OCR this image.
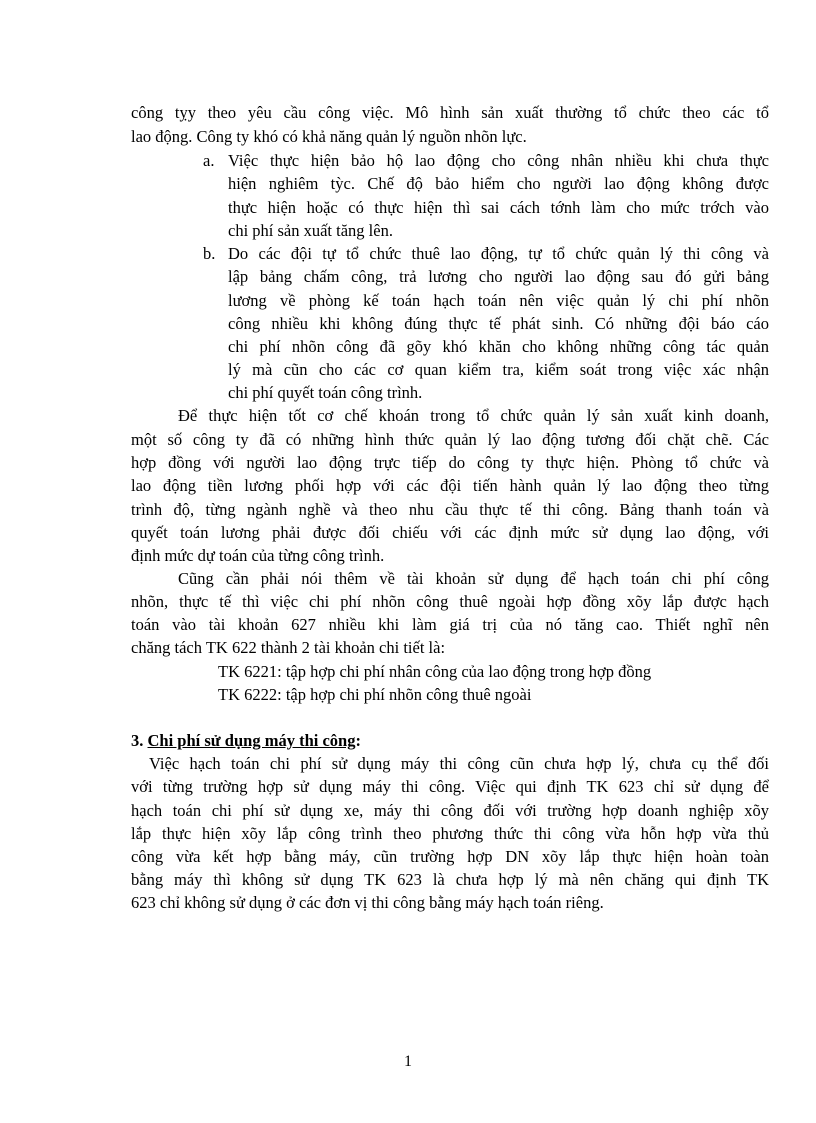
công tỵy theo yêu cầu công việc. Mô hình sản xuất thường tổ chức theo các tổ
lao động. Công ty khó có khả năng quản lý nguồn nhõn lực.
a. Việc thực hiện bảo hộ lao động cho công nhân nhiều khi chưa thực
hiện nghiêm tỳc. Chế độ bảo hiểm cho người lao động không được
thực hiện hoặc có thực hiện thì sai cách tớnh làm cho mức trớch vào
chi phí sản xuất tăng lên.
b. Do các đội tự tổ chức thuê lao động, tự tổ chức quản lý thi công và
lập bảng chấm công, trả lương cho người lao động sau đó gửi bảng
lương về phòng kế toán hạch toán nên việc quản lý chi phí nhõn
công nhiều khi không đúng thực tế phát sinh. Có những đội báo cáo
chi phí nhõn công đã gõy khó khăn cho không những công tác quản
lý mà cũn cho các cơ quan kiểm tra, kiểm soát trong việc xác nhận
chi phí quyết toán công trình.
Để thực hiện tốt cơ chế khoán trong tổ chức quản lý sản xuất kinh doanh,
một số công ty đã có những hình thức quản lý lao động tương đối chặt chẽ. Các
hợp đồng với người lao động trực tiếp do công ty thực hiện. Phòng tổ chức và
lao động tiền lương phối hợp với các đội tiến hành quản lý lao động theo từng
trình độ, từng ngành nghề và theo nhu cầu thực tế thi công. Bảng thanh toán và
quyết toán lương phải được đối chiếu với các định mức sử dụng lao động, với
định mức dự toán của từng công trình.
Cũng cần phải nói thêm về tài khoản sử dụng để hạch toán chi phí công
nhõn, thực tế thì việc chi phí nhõn công thuê ngoài hợp đồng xõy lắp được hạch
toán vào tài khoản 627 nhiều khi làm giá trị của nó tăng cao. Thiết nghĩ nên
chăng tách TK 622 thành 2 tài khoản chi tiết là:
TK 6221: tập hợp chi phí nhân công của lao động trong hợp đồng
TK 6222: tập hợp chi phí nhõn công thuê ngoài
3. Chi phí sử dụng máy thi công:
Việc hạch toán chi phí sử dụng máy thi công cũn chưa hợp lý, chưa cụ thể đối
với từng trường hợp sử dụng máy thi công. Việc qui định TK 623 chỉ sử dụng để
hạch toán chi phí sử dụng xe, máy thi công đối với trường hợp doanh nghiệp xõy
lắp thực hiện xõy lắp công trình theo phương thức thi công vừa hỗn hợp vừa thủ
công vừa kết hợp bằng máy, cũn trường hợp DN xõy lắp thực hiện hoàn toàn
bằng máy thì không sử dụng TK 623 là chưa hợp lý mà nên chăng qui định TK
623 chỉ không sử dụng ở các đơn vị thi công bằng máy hạch toán riêng.
1
